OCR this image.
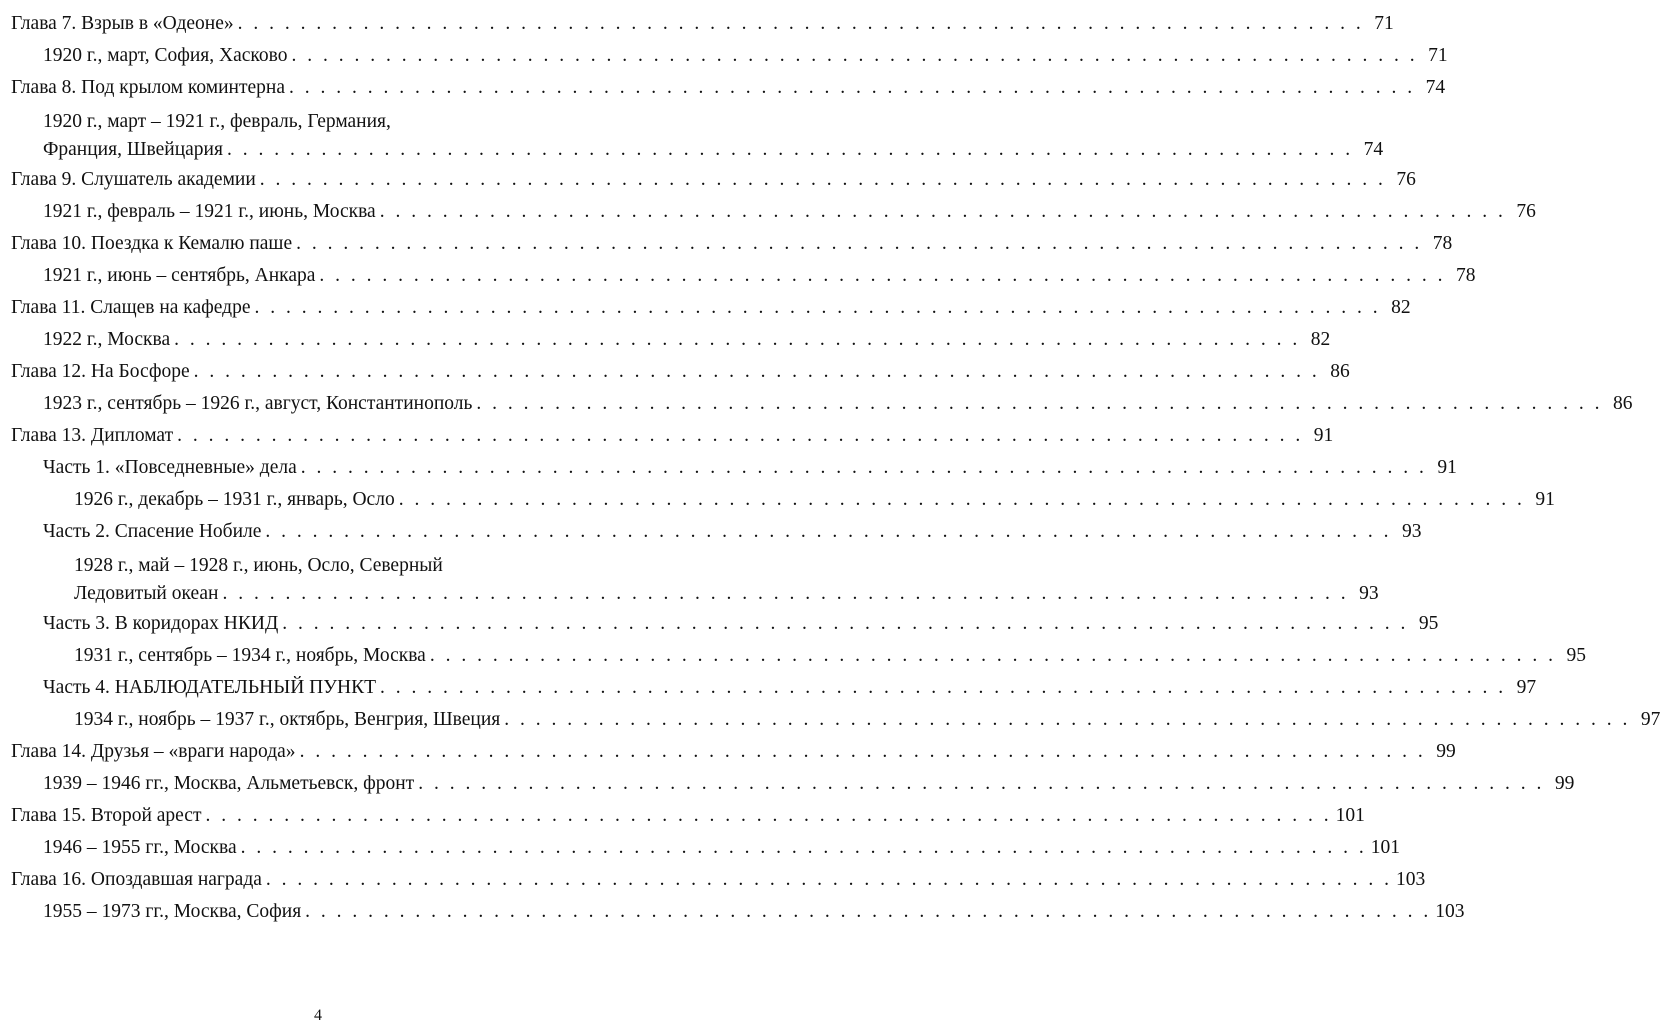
Глава 7. Взрыв в «Одеоне» . . .	71
1920 г., март, София, Хасково . . .	71
Глава 8. Под крылом коминтерна . . .	74
1920 г., март – 1921 г., февраль, Германия,
Франция, Швейцария . . .	74
Глава 9. Слушатель академии . . .	76
1921 г., февраль – 1921 г., июнь, Москва . . .	76
Глава 10. Поездка к Кемалю паше . . .	78
1921 г., июнь – сентябрь, Анкара . . .	78
Глава 11. Слащев на кафедре . . .	82
1922 г., Москва . . .	82
Глава 12. На Босфоре . . .	86
1923 г., сентябрь – 1926 г., август, Константинополь . . .	86
Глава 13. Дипломат . . .	91
Часть 1. «Повседневные» дела . . .	91
1926 г., декабрь – 1931 г., январь, Осло . . .	91
Часть 2. Спасение Нобиле . . .	93
1928 г., май – 1928 г., июнь, Осло, Северный
Ледовитый океан . . .	93
Часть 3. В коридорах НКИД . . .	95
1931 г., сентябрь – 1934 г., ноябрь, Москва . . .	95
Часть 4. НАБЛЮДАТЕЛЬНЫЙ ПУНКТ . . .	97
1934 г., ноябрь – 1937 г., октябрь, Венгрия, Швеция . . .	97
Глава 14. Друзья – «враги народа» . . .	99
1939 – 1946 гг., Москва, Альметьевск, фронт . . .	99
Глава 15. Второй арест . . .	101
1946 – 1955 гг., Москва . . .	101
Глава 16. Опоздавшая награда . . .	103
1955 – 1973 гг., Москва, София . . .	103
4
